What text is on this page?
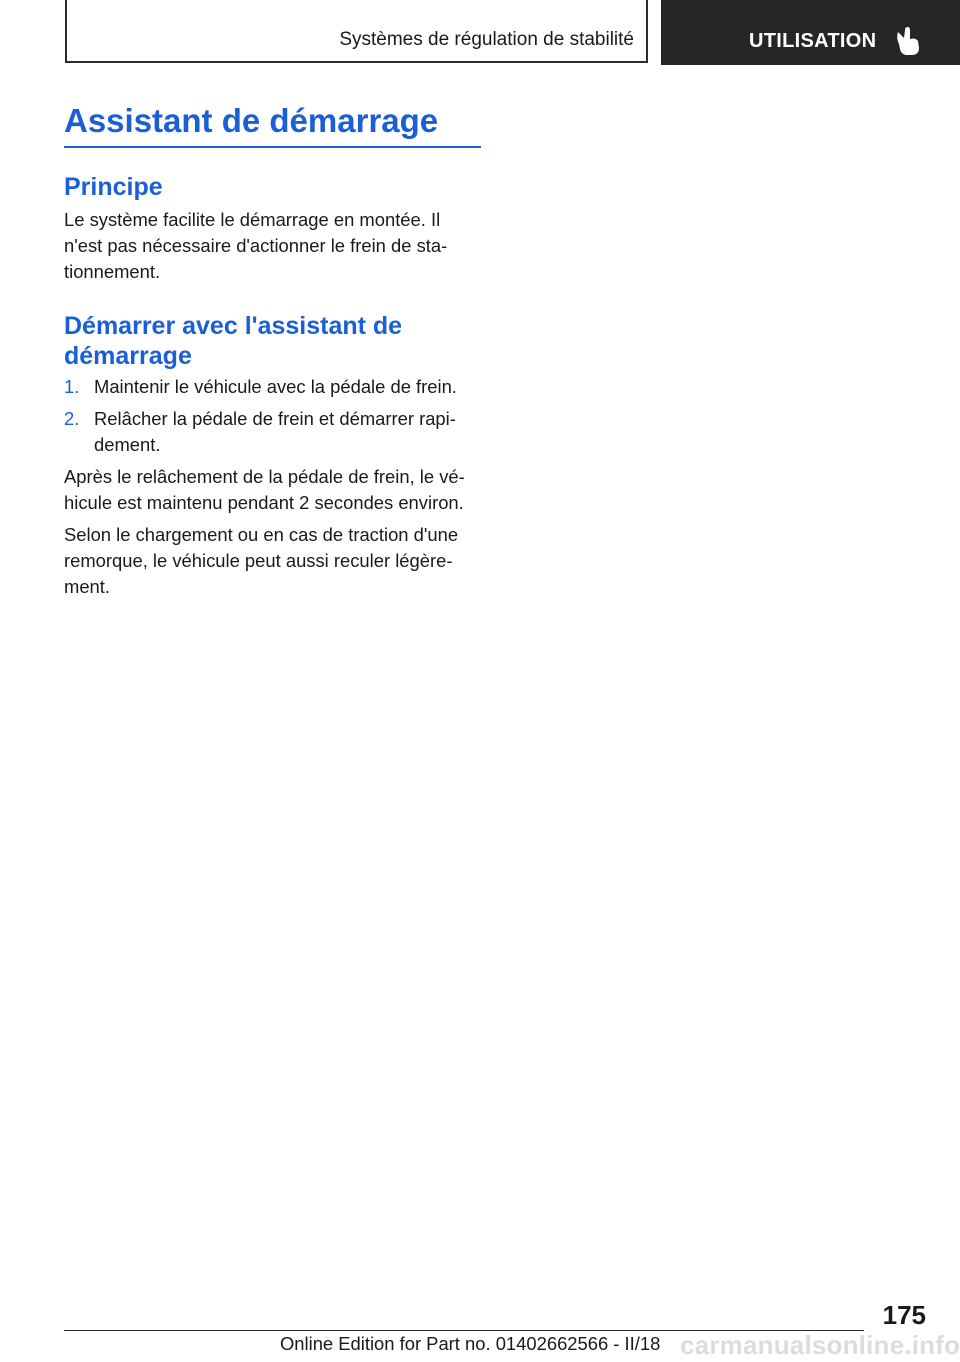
Systèmes de régulation de stabilité	UTILISATION
Assistant de démarrage
Principe
Le système facilite le démarrage en montée. Il
n'est pas nécessaire d'actionner le frein de sta-
tionnement.
Démarrer avec l'assistant de
démarrage
1. Maintenir le véhicule avec la pédale de frein.
2. Relâcher la pédale de frein et démarrer rapi-
dement.
Après le relâchement de la pédale de frein, le vé-
hicule est maintenu pendant 2 secondes environ.
Selon le chargement ou en cas de traction d'une
remorque, le véhicule peut aussi reculer légère-
ment.
175
Online Edition for Part no. 01402662566 - II/18 carmanualsonline.info
